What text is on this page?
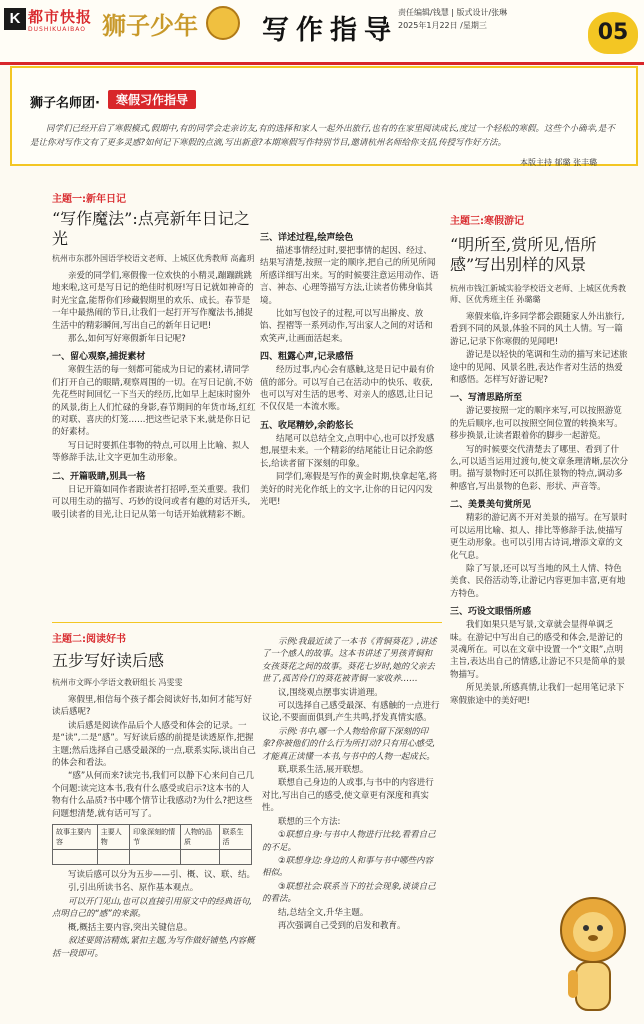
K 都市快报
DUSHIKUAIBAO 狮子少年 写作指导
责任编辑/钱慧 | 版式设计/张琳
2025年1月22日 /星期三	05
狮子名师团·	寒假习作指导
同学们已经开启了寒假模式,假期中,有的同学会走亲访友,有的选择和家人一起外出旅行,也有的在家里阅读成长,度过一个轻松的寒假。这些个小确幸,是不是让你对写作文有了更多灵感?如何记下寒假的点滴,写出新意?本期寒假写作特别节目,邀请杭州名师给你支招,传授写作好方法。
本版主持 郁璐 张丰璐
主题一:新年日记
“写作魔法”:点亮新年日记之光
杭州市东郡外国语学校语文老师、上城区优秀教师 高鑫玥

亲爱的同学们,寒假像一位欢快的小精灵,蹦蹦跳跳地来啦,这可是写日记的绝佳时机呀!写日记就如神奇的时光宝盒,能帮你们珍藏假期里的欢乐、成长。春节是一年中最热闹的节日,让我们一起打开写作魔法书,捕捉生活中的精彩瞬间,写出自己的新年日记吧!

那么,如何写好寒假新年日记呢?

一、留心观察,捕捉素材

寒假生活的每一刻都可能成为日记的素材,请同学们打开自己的眼睛,观察周围的一切。在写日记前,不妨先花些时间回忆一下当天的经历,比如早上起床时窗外的风景,街上人们忙碌的身影,春节期间的年货市场,红红的对联、喜庆的灯笼……把这些记录下来,就是你日记的好素材。

写日记时要抓住事物的特点,可以用上比喻、拟人等修辞手法,让文字更加生动形象。

二、开篇吸睛,别具一格

日记开篇如同作者跟读者打招呼,至关重要。我们可以用生动的描写、巧妙的设问或者有趣的对话开头,吸引读者的目光,让日记从第一句话开始就精彩不断。

三、详述过程,绘声绘色

描述事情经过时,要把事情的起因、经过、结果写清楚,按照一定的顺序,把自己的所见所闻所感详细写出来。写的时候要注意运用动作、语言、神态、心理等描写方法,让读者仿佛身临其境。

比如写包饺子的过程,可以写出擀皮、放馅、捏褶等一系列动作,写出家人之间的对话和欢笑声,让画面活起来。

四、粗露心声,记录感悟

经历过事,内心会有感触,这是日记中最有价值的部分。可以写自己在活动中的快乐、收获,也可以写对生活的思考、对亲人的感恩,让日记不仅仅是一本流水账。

五、收尾精妙,余韵悠长

结尾可以总结全文,点明中心,也可以抒发感想,展望未来。一个精彩的结尾能让日记余韵悠长,给读者留下深刻的印象。

同学们,寒假是写作的黄金时期,快拿起笔,将美好的时光化作纸上的文字,让你的日记闪闪发光吧!

主题二:阅读好书
五步写好读后感
杭州市文晖小学语文教研组长 冯雯雯

寒假里,相信每个孩子都会阅读好书,如何才能写好读后感呢?

读后感是阅读作品后个人感受和体会的记录。一是“读”,二是“感”。写好读后感的前提是读透原作,把握主题;然后选择自己感受最深的一点,联系实际,谈出自己的体会和看法。

“感”从何而来?读完书,我们可以静下心来问自己几个问题:读完这本书,我有什么感受或启示?这本书的人物有什么品质?书中哪个情节让我感动?为什么?把这些问题想清楚,就有话可写了。

故事主要内容	主要人物	印象深刻的情节	人物的品质	联系生活

写读后感可以分为五步——引、概、议、联、结。

引,引出所读书名、原作基本观点。

可以开门见山,也可以直接引用原文中的经典语句,点明自己的“感”的来源。

概,概括主要内容,突出关键信息。

叙述要简洁精炼,紧扣主题,为写作做好铺垫,内容概括一段即可。

示例:我最近读了一本书《青铜葵花》,讲述了一个感人的故事。这本书讲述了男孩青铜和女孩葵花之间的故事。葵花七岁时,她的父亲去世了,孤苦伶仃的葵花被青铜一家收养……

议,围绕观点摆事实讲道理。

可以选择自己感受最深、有感触的一点进行议论,不要面面俱到,产生共鸣,抒发真情实感。

示例:书中,哪一个人物给你留下深刻的印象?你被他们的什么行为所打动?只有用心感受,才能真正读懂一本书,与书中的人物一起成长。

联,联系生活,展开联想。

联想自己身边的人或事,与书中的内容进行对比,写出自己的感受,使文章更有深度和真实性。

联想的三个方法:

①联想自身:与书中人物进行比较,看看自己的不足。

②联想身边:身边的人和事与书中哪些内容相似。

③联想社会:联系当下的社会现象,谈谈自己的看法。

结,总结全文,升华主题。

再次强调自己受到的启发和教育。

主题三:寒假游记
“明所至,赏所见,悟所感”写出别样的风景
杭州市钱江新城实验学校语文老师、上城区优秀教师、区优秀班主任 孙璐璐

寒假来临,许多同学都会跟随家人外出旅行,看到不同的风景,体验不同的风土人情。写一篇游记,记录下你寒假的见闻吧!

游记是以轻快的笔调和生动的描写来记述旅途中的见闻、风景名胜,表达作者对生活的热爱和感悟。怎样写好游记呢?

一、写清思路所至

游记要按照一定的顺序来写,可以按照游览的先后顺序,也可以按照空间位置的转换来写。移步换景,让读者跟着你的脚步一起游览。

写的时候要交代清楚去了哪里、看到了什么,可以适当运用过渡句,使文章条理清晰,层次分明。描写景物时还可以抓住景物的特点,调动多种感官,写出景物的色彩、形状、声音等。

二、美景美句赏所见

精彩的游记离不开对美景的描写。在写景时可以运用比喻、拟人、排比等修辞手法,使描写更生动形象。也可以引用古诗词,增添文章的文化气息。

除了写景,还可以写当地的风土人情、特色美食、民俗活动等,让游记内容更加丰富,更有地方特色。

三、巧设文眼悟所感

我们如果只是写景,文章就会显得单调乏味。在游记中写出自己的感受和体会,是游记的灵魂所在。可以在文章中设置一个“文眼”,点明主旨,表达出自己的情感,让游记不只是简单的景物描写。

所见美景,所感真情,让我们一起用笔记录下寒假旅途中的美好吧!
